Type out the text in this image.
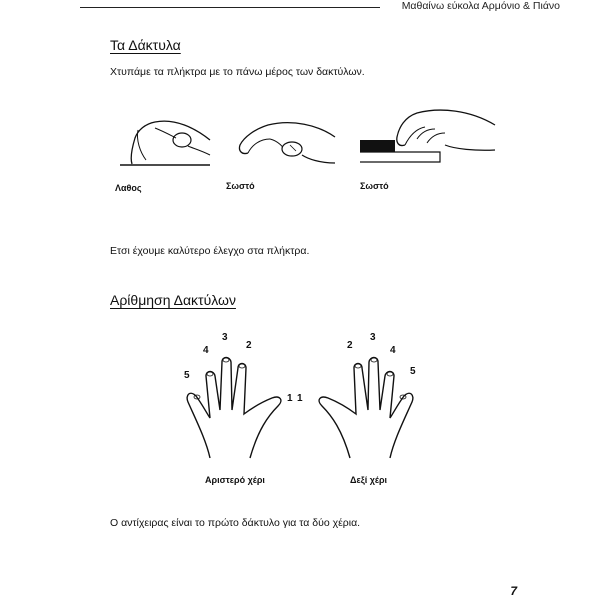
Μαθαίνω εύκολα Αρμόνιο & Πιάνο
Τα Δάκτυλα
Χτυπάμε τα πλήκτρα με το πάνω μέρος των δακτύλων.
Λαθος	Σωστό	Σωστό
Ετσι έχουμε καλύτερο έλεγχο στα πλήκτρα.
Αρίθμηση Δακτύλων
5
4
3
2
1 1
2
3
4
5
Αριστερό χέρι	Δεξί χέρι
Ο αντίχειρας είναι το πρώτο δάκτυλο για τα δύο χέρια.
7
